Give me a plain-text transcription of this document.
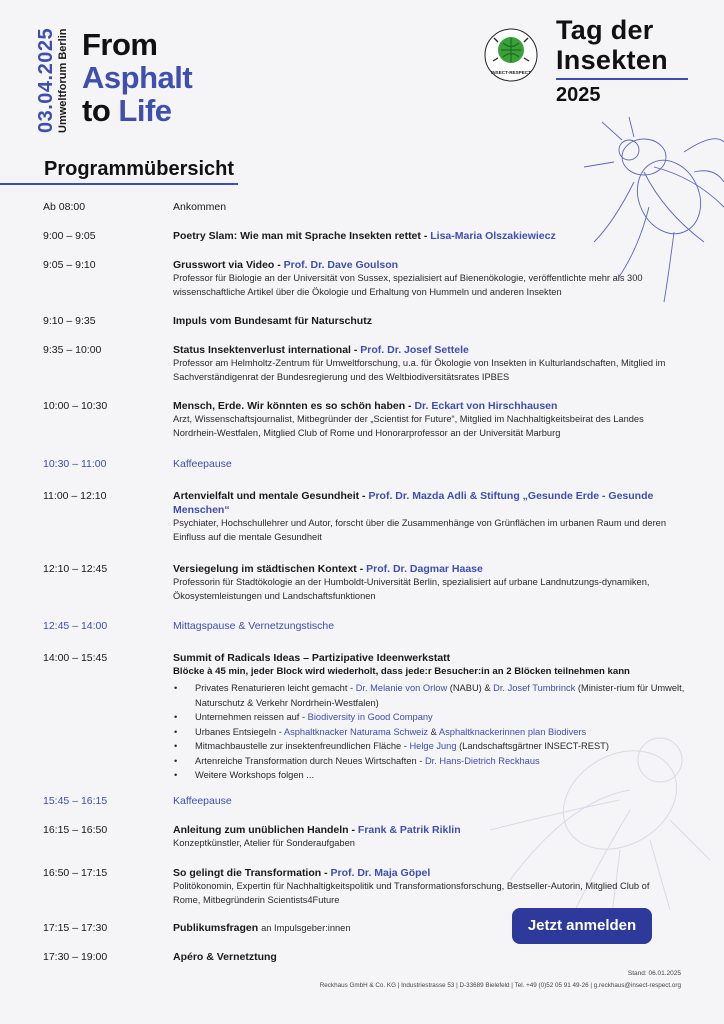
03.04.2025 Umweltforum Berlin From
Asphalt
to Life
INSECT-RESPECT
Tag der
Insekten
2025
Programmübersicht
Ab 08:00	Ankommen
9:00 – 9:05	Poetry Slam: Wie man mit Sprache Insekten rettet - Lisa-Maria Olszakiewiecz
9:05 – 9:10	Grusswort via Video - Prof. Dr. Dave Goulson
Professor für Biologie an der Universität von Sussex, spezialisiert auf Bienenökologie, veröffentlichte mehr als 300 wissenschaftliche Artikel über die Ökologie und Erhaltung von Hummeln und anderen Insekten
9:10 – 9:35	Impuls vom Bundesamt für Naturschutz
9:35 – 10:00	Status Insektenverlust international - Prof. Dr. Josef Settele
Professor am Helmholtz-Zentrum für Umweltforschung, u.a. für Ökologie von Insekten in Kulturlandschaften, Mitglied im Sachverständigenrat der Bundesregierung und des Weltbiodiversitätsrates IPBES
10:00 – 10:30	Mensch, Erde. Wir könnten es so schön haben - Dr. Eckart von Hirschhausen
Arzt, Wissenschaftsjournalist, Mitbegründer der „Scientist for Future“, Mitglied im Nachhaltigkeitsbeirat des Landes Nordrhein-Westfalen, Mitglied Club of Rome und Honorarprofessor an der Universität Marburg
10:30 – 11:00	Kaffeepause
11:00 – 12:10	Artenvielfalt und mentale Gesundheit - Prof. Dr. Mazda Adli & Stiftung „Gesunde Erde - Gesunde Menschen“
Psychiater, Hochschullehrer und Autor, forscht über die Zusammenhänge von Grünflächen im urbanen Raum und deren Einfluss auf die mentale Gesundheit
12:10 – 12:45	Versiegelung im städtischen Kontext - Prof. Dr. Dagmar Haase
Professorin für Stadtökologie an der Humboldt-Universität Berlin, spezialisiert auf urbane Landnutzungs-dynamiken, Ökosystemleistungen und Landschaftsfunktionen
12:45 – 14:00	Mittagspause & Vernetzungstische
14:00 – 15:45	Summit of Radicals Ideas – Partizipative Ideenwerkstatt
Blöcke à 45 min, jeder Block wird wiederholt, dass jede:r Besucher:in an 2 Blöcken teilnehmen kann
• Privates Renaturieren leicht gemacht - Dr. Melanie von Orlow (NABU) & Dr. Josef Tumbrinck (Minister-rium für Umwelt, Naturschutz & Verkehr Nordrhein-Westfalen)
• Unternehmen reissen auf - Biodiversity in Good Company
• Urbanes Entsiegeln - Asphaltknacker Naturama Schweiz & Asphaltknackerinnen plan Biodivers
• Mitmachbaustelle zur insektenfreundlichen Fläche - Helge Jung (Landschaftsgärtner INSECT-REST)
• Artenreiche Transformation durch Neues Wirtschaften - Dr. Hans-Dietrich Reckhaus
• Weitere Workshops folgen ...
15:45 – 16:15	Kaffeepause
16:15 – 16:50	Anleitung zum unüblichen Handeln - Frank & Patrik Riklin
Konzeptkünstler, Atelier für Sonderaufgaben
16:50 – 17:15	So gelingt die Transformation - Prof. Dr. Maja Göpel
Politökonomin, Expertin für Nachhaltigkeitspolitik und Transformationsforschung, Bestseller-Autorin, Mitglied Club of Rome, Mitbegründerin Scientists4Future
17:15 – 17:30	Publikumsfragen an Impulsgeber:innen
17:30 – 19:00	Apéro & Vernetztung
Jetzt anmelden
Stand: 06.01.2025
Reckhaus GmbH & Co. KG | Industriestrasse 53 | D-33689 Bielefeld | Tel. +49 (0)52 05 91 49-26 | g.reckhaus@insect-respect.org
